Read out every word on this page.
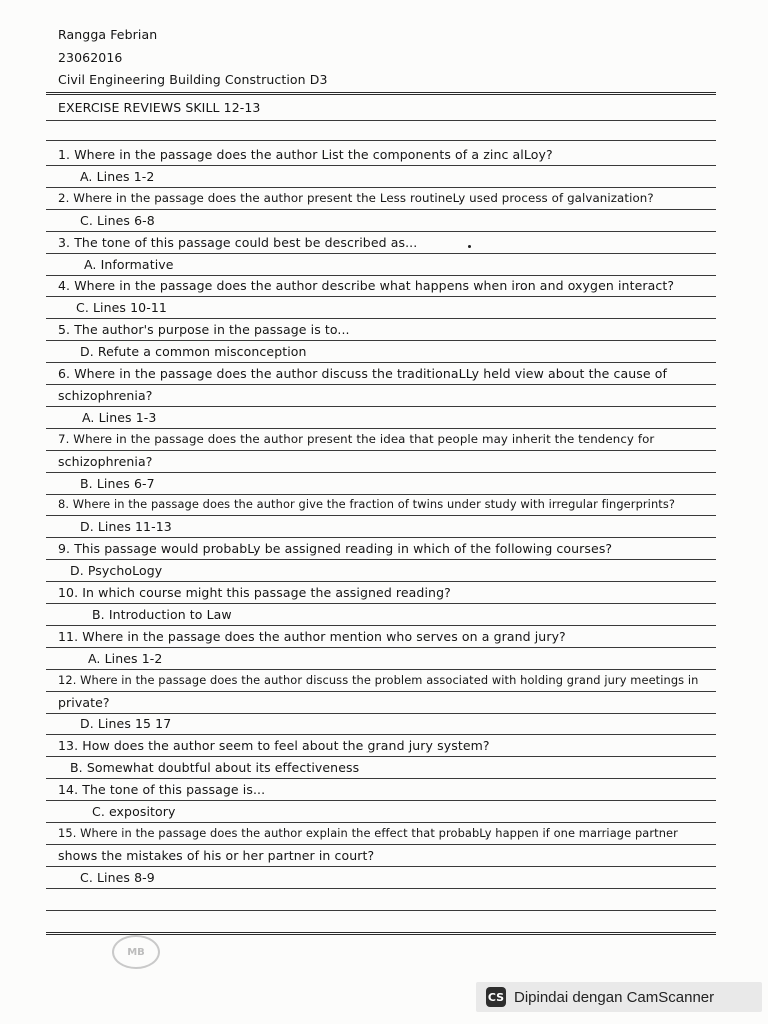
Rangga Febrian
23062016
Civil Engineering Building Construction D3
EXERCISE REVIEWS SKILL 12-13
MB
1. Where in the passage does the author List the components of a zinc alLoy?
A. Lines 1-2
2. Where in the passage does the author present the Less routineLy used process of galvanization?
C. Lines 6-8
3. The tone of this passage could best be described as...
A. Informative
4. Where in the passage does the author describe what happens when iron and oxygen interact?
C. Lines 10-11
5. The author's purpose in the passage is to...
D. Refute a common misconception
6. Where in the passage does the author discuss the traditionaLLy held view about the cause of
schizophrenia?
A. Lines 1-3
7. Where in the passage does the author present the idea that people may inherit the tendency for
schizophrenia?
B. Lines 6-7
8. Where in the passage does the author give the fraction of twins under study with irregular fingerprints?
D. Lines 11-13
9. This passage would probabLy be assigned reading in which of the following courses?
D. PsychoLogy
10. In which course might this passage the assigned reading?
B. Introduction to Law
11. Where in the passage does the author mention who serves on a grand jury?
A. Lines 1-2
12. Where in the passage does the author discuss the problem associated with holding grand jury meetings in
private?
D. Lines 15 17
13. How does the author seem to feel about the grand jury system?
B. Somewhat doubtful about its effectiveness
14. The tone of this passage is...
C. expository
15. Where in the passage does the author explain the effect that probabLy happen if one marriage partner
shows the mistakes of his or her partner in court?
C. Lines 8-9
CS Dipindai dengan CamScanner
